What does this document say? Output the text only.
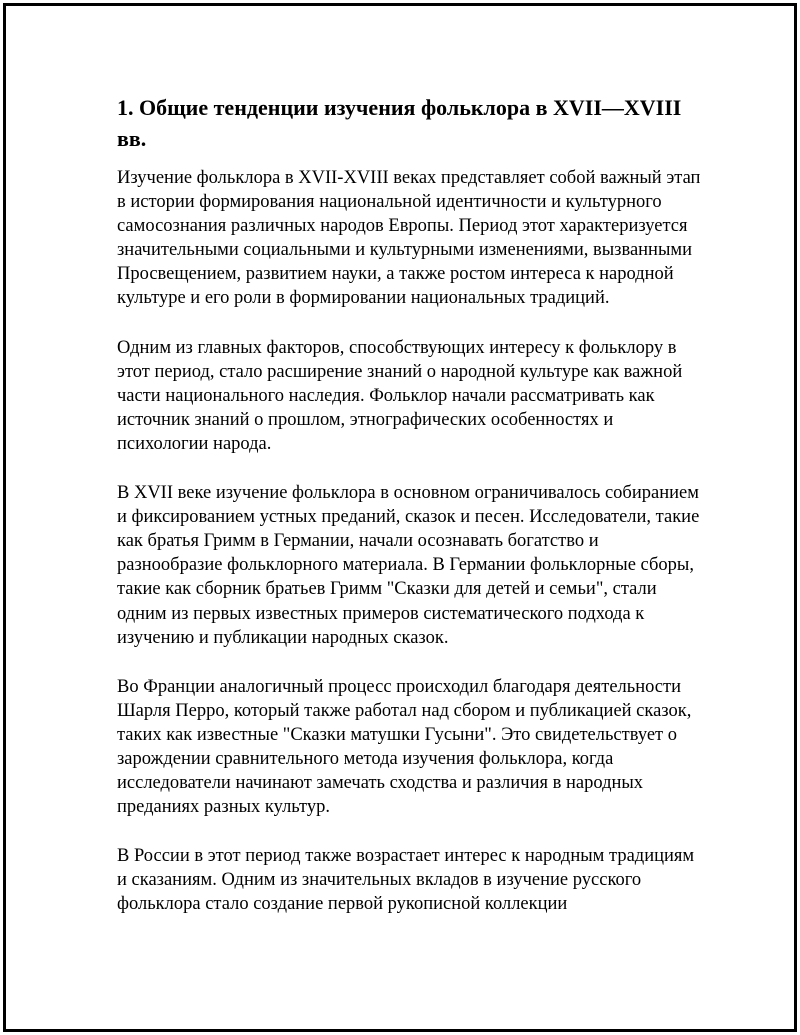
1. Общие тенденции изучения фольклора в XVII—XVIII вв.

Изучение фольклора в XVII-XVIII веках представляет собой важный этап в истории формирования национальной идентичности и культурного самосознания различных народов Европы. Период этот характеризуется значительными социальными и культурными изменениями, вызванными Просвещением, развитием науки, а также ростом интереса к народной культуре и его роли в формировании национальных традиций.

Одним из главных факторов, способствующих интересу к фольклору в этот период, стало расширение знаний о народной культуре как важной части национального наследия. Фольклор начали рассматривать как источник знаний о прошлом, этнографических особенностях и психологии народа.

В XVII веке изучение фольклора в основном ограничивалось собиранием и фиксированием устных преданий, сказок и песен. Исследователи, такие как братья Гримм в Германии, начали осознавать богатство и разнообразие фольклорного материала. В Германии фольклорные сборы, такие как сборник братьев Гримм "Сказки для детей и семьи", стали одним из первых известных примеров систематического подхода к изучению и публикации народных сказок.

Во Франции аналогичный процесс происходил благодаря деятельности Шарля Перро, который также работал над сбором и публикацией сказок, таких как известные "Сказки матушки Гусыни". Это свидетельствует о зарождении сравнительного метода изучения фольклора, когда исследователи начинают замечать сходства и различия в народных преданиях разных культур.

В России в этот период также возрастает интерес к народным традициям и сказаниям. Одним из значительных вкладов в изучение русского фольклора стало создание первой рукописной коллекции
